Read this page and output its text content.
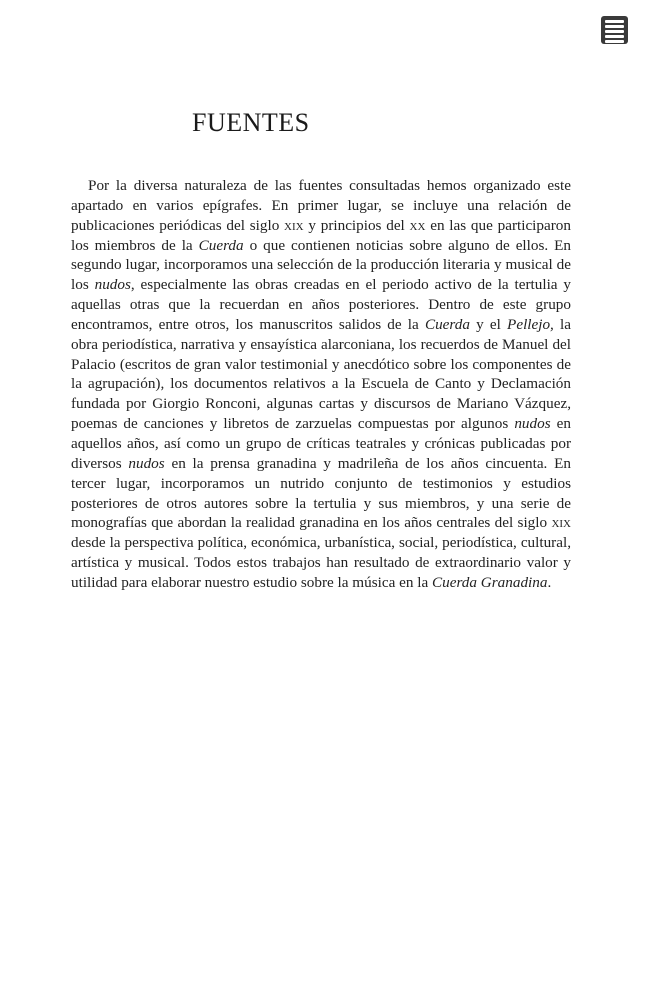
FUENTES

Por la diversa naturaleza de las fuentes consultadas hemos organizado este apartado en varios epígrafes. En primer lugar, se incluye una relación de publicaciones periódicas del siglo xix y principios del xx en las que participaron los miembros de la Cuerda o que contienen noticias sobre alguno de ellos. En segundo lugar, incorporamos una selección de la producción literaria y musical de los nudos, especialmente las obras creadas en el periodo activo de la tertulia y aquellas otras que la recuerdan en años posteriores. Dentro de este grupo encontramos, entre otros, los manuscritos salidos de la Cuerda y el Pellejo, la obra periodística, narrativa y ensayística alarconiana, los recuerdos de Manuel del Palacio (escritos de gran valor testimonial y anecdótico sobre los componentes de la agrupación), los documentos relativos a la Escuela de Canto y Declamación fundada por Giorgio Ronconi, algunas cartas y discursos de Mariano Vázquez, poemas de canciones y libretos de zarzuelas compuestas por algunos nudos en aquellos años, así como un grupo de críticas teatrales y crónicas publicadas por diversos nudos en la prensa granadina y madrileña de los años cincuenta. En tercer lugar, incorporamos un nutrido conjunto de testimonios y estudios posteriores de otros autores sobre la tertulia y sus miembros, y una serie de monografías que abordan la realidad granadina en los años centrales del siglo xix desde la perspectiva política, económica, urbanística, social, periodística, cultural, artística y musical. Todos estos trabajos han resultado de extraordinario valor y utilidad para elaborar nuestro estudio sobre la música en la Cuerda Granadina.
